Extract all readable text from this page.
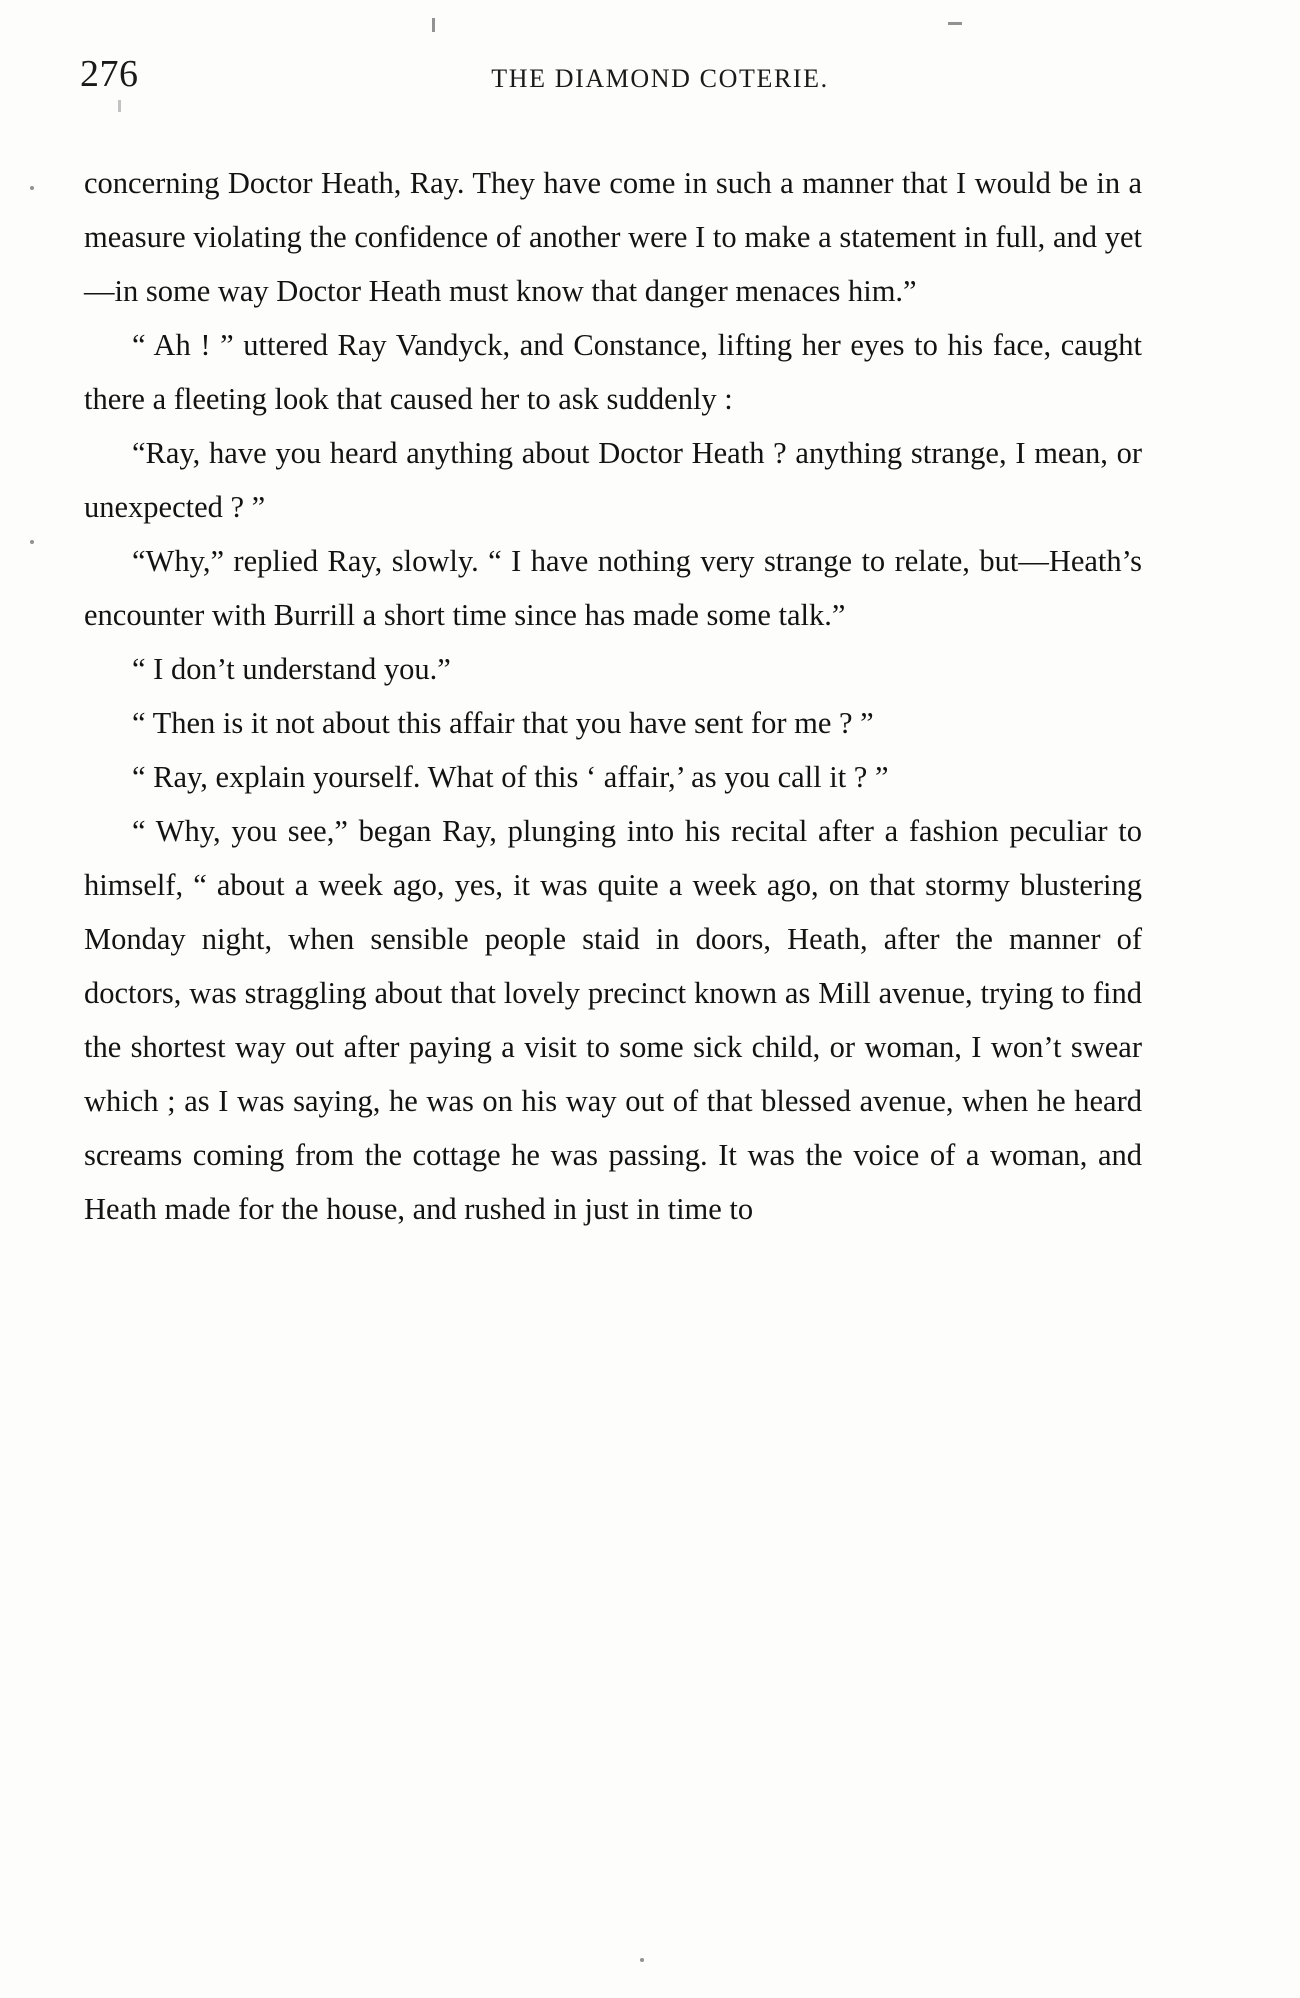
276	THE DIAMOND COTERIE.

concerning Doctor Heath, Ray. They have come in such a manner that I would be in a measure violating the confidence of another were I to make a statement in full, and yet—in some way Doctor Heath must know that danger menaces him.”

“ Ah ! ” uttered Ray Vandyck, and Constance, lifting her eyes to his face, caught there a fleeting look that caused her to ask suddenly :

“Ray, have you heard anything about Doctor Heath ? anything strange, I mean, or unexpected ? ”

“Why,” replied Ray, slowly. “ I have nothing very strange to relate, but—Heath’s encounter with Burrill a short time since has made some talk.”

“ I don’t understand you.”

“ Then is it not about this affair that you have sent for me ? ”

“ Ray, explain yourself. What of this ‘ affair,’ as you call it ? ”

“ Why, you see,” began Ray, plunging into his recital after a fashion peculiar to himself, “ about a week ago, yes, it was quite a week ago, on that stormy blustering Monday night, when sensible people staid in doors, Heath, after the manner of doctors, was straggling about that lovely precinct known as Mill avenue, trying to find the shortest way out after paying a visit to some sick child, or woman, I won’t swear which ; as I was saying, he was on his way out of that blessed avenue, when he heard screams coming from the cottage he was passing. It was the voice of a woman, and Heath made for the house, and rushed in just in time to
